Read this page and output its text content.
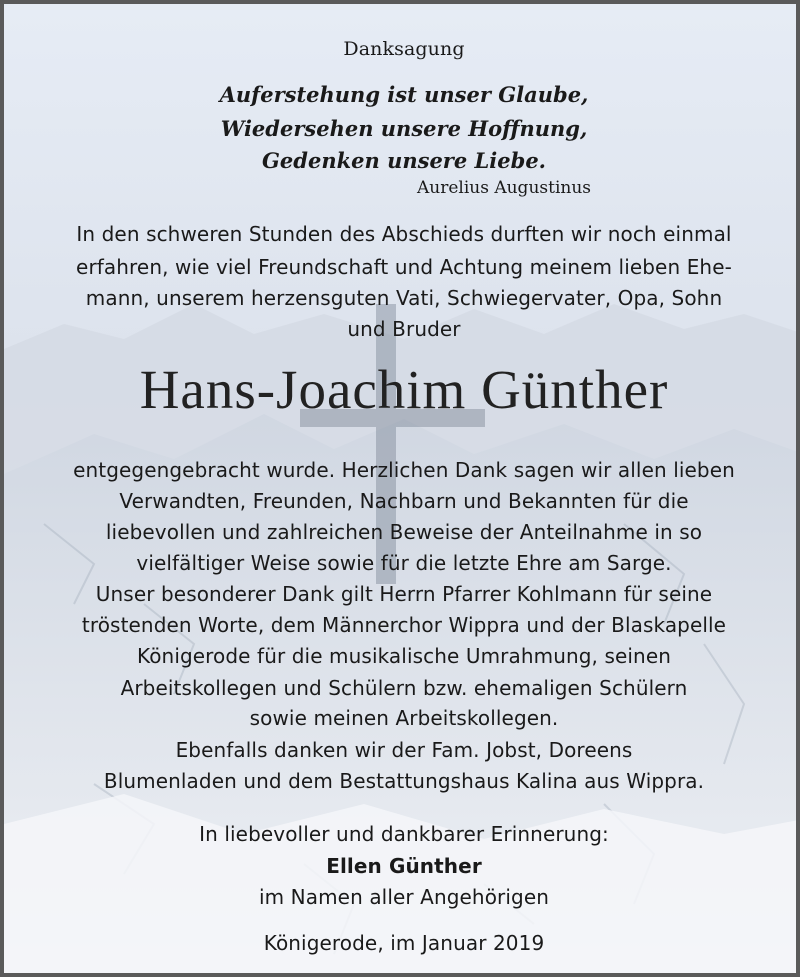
Danksagung
Auferstehung ist unser Glaube,
Wiedersehen unsere Hoffnung,
Gedenken unsere Liebe.
Aurelius Augustinus
In den schweren Stunden des Abschieds durften wir noch einmal
erfahren, wie viel Freundschaft und Achtung meinem lieben Ehe-
mann, unserem herzensguten Vati, Schwiegervater, Opa, Sohn
und Bruder
Hans-Joachim Günther
entgegengebracht wurde. Herzlichen Dank sagen wir allen lieben
Verwandten, Freunden, Nachbarn und Bekannten für die
liebevollen und zahlreichen Beweise der Anteilnahme in so
vielfältiger Weise sowie für die letzte Ehre am Sarge.
Unser besonderer Dank gilt Herrn Pfarrer Kohlmann für seine
tröstenden Worte, dem Männerchor Wippra und der Blaskapelle
Königerode für die musikalische Umrahmung, seinen
Arbeitskollegen und Schülern bzw. ehemaligen Schülern
sowie meinen Arbeitskollegen.
Ebenfalls danken wir der Fam. Jobst, Doreens
Blumenladen und dem Bestattungshaus Kalina aus Wippra.
In liebevoller und dankbarer Erinnerung:
Ellen Günther
im Namen aller Angehörigen
Königerode, im Januar 2019
